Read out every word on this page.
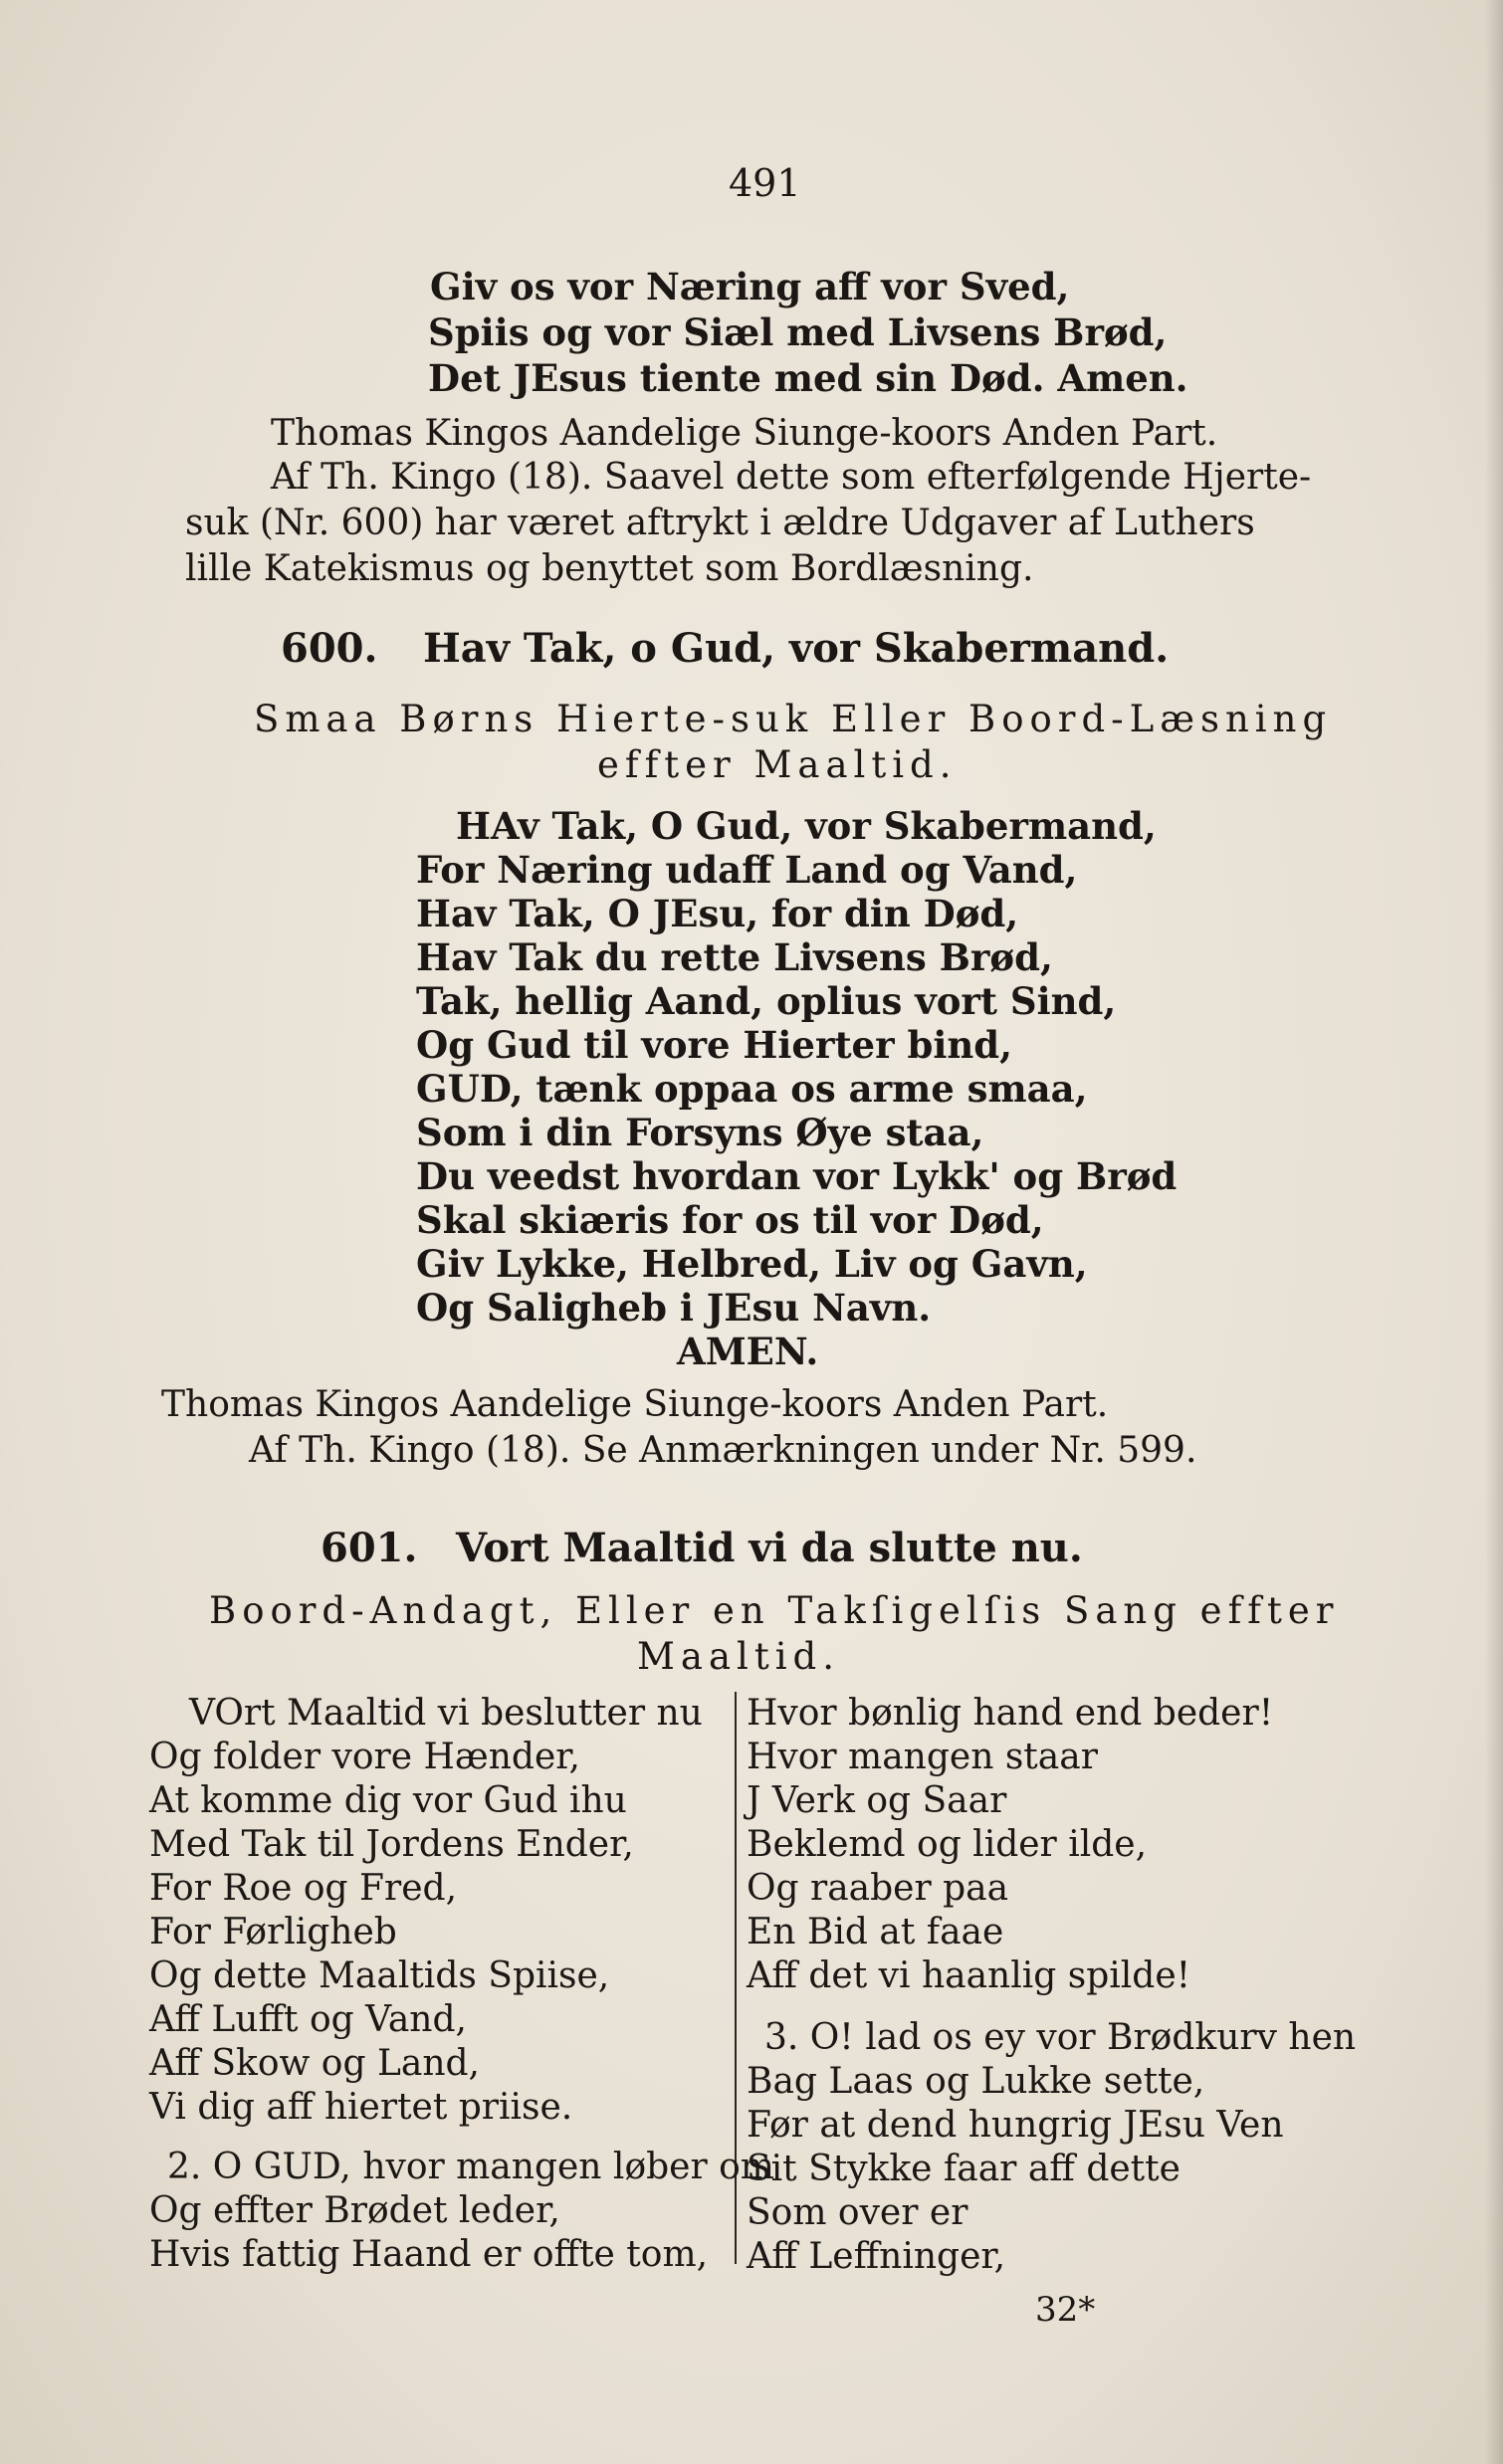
491
Giv os vor Næring aff vor Sved,
Spiis og vor Siæl med Livsens Brød,
Det JEsus tiente med sin Død. Amen.
Thomas Kingos Aandelige Siunge-koors Anden Part.
Af Th. Kingo (18). Saavel dette som efterfølgende Hjerte-
suk (Nr. 600) har været aftrykt i ældre Udgaver af Luthers
lille Katekismus og benyttet som Bordlæsning.
600. Hav Tak, o Gud, vor Skabermand.
Smaa Børns Hierte-suk Eller Boord-Læsning
effter Maaltid.
HAv Tak, O Gud, vor Skabermand,
For Næring udaff Land og Vand,
Hav Tak, O JEsu, for din Død,
Hav Tak du rette Livsens Brød,
Tak, hellig Aand, oplius vort Sind,
Og Gud til vore Hierter bind,
GUD, tænk oppaa os arme smaa,
Som i din Forsyns Øye staa,
Du veedst hvordan vor Lykk' og Brød
Skal skiæris for os til vor Død,
Giv Lykke, Helbred, Liv og Gavn,
Og Saligheb i JEsu Navn.
AMEN.
Thomas Kingos Aandelige Siunge-koors Anden Part.
Af Th. Kingo (18). Se Anmærkningen under Nr. 599.
601. Vort Maaltid vi da slutte nu.
Boord-Andagt, Eller en Takſigelſis Sang effter
Maaltid.
VOrt Maaltid vi beslutter nu
Og folder vore Hænder,
At komme dig vor Gud ihu
Med Tak til Jordens Ender,
For Roe og Fred,
For Førligheb
Og dette Maaltids Spiise,
Aff Lufft og Vand,
Aff Skow og Land,
Vi dig aff hiertet priise.
2. O GUD, hvor mangen løber om
Og effter Brødet leder,
Hvis fattig Haand er offte tom,
Hvor bønlig hand end beder!
Hvor mangen staar
J Verk og Saar
Beklemd og lider ilde,
Og raaber paa
En Bid at faae
Aff det vi haanlig spilde!
3. O! lad os ey vor Brødkurv hen
Bag Laas og Lukke sette,
Før at dend hungrig JEsu Ven
Sit Stykke faar aff dette
Som over er
Aff Leffninger,
32*
